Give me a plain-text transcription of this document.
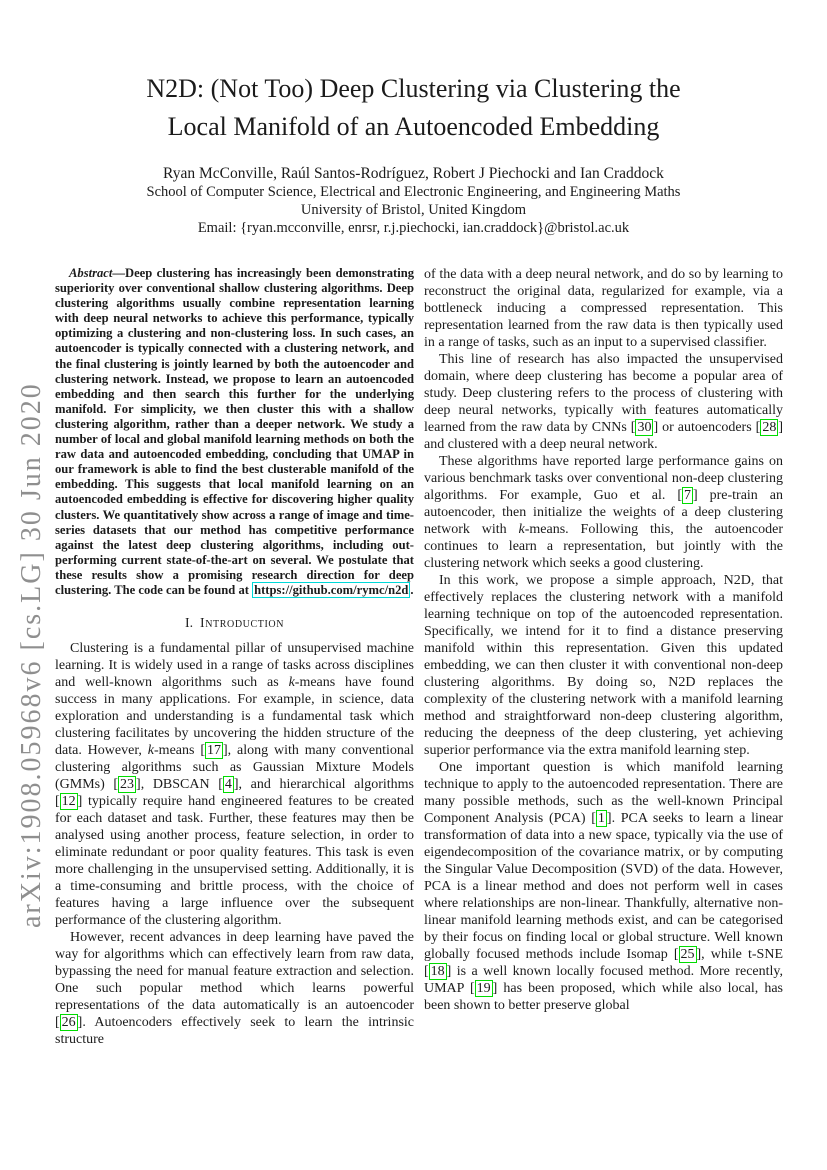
arXiv:1908.05968v6 [cs.LG] 30 Jun 2020
N2D: (Not Too) Deep Clustering via Clustering the
Local Manifold of an Autoencoded Embedding
Ryan McConville, Raúl Santos-Rodríguez, Robert J Piechocki and Ian Craddock
School of Computer Science, Electrical and Electronic Engineering, and Engineering Maths
University of Bristol, United Kingdom
Email: {ryan.mcconville, enrsr, r.j.piechocki, ian.craddock}@bristol.ac.uk

Abstract—Deep clustering has increasingly been demonstrating superiority over conventional shallow clustering algorithms. Deep clustering algorithms usually combine representation learning with deep neural networks to achieve this performance, typically optimizing a clustering and non-clustering loss. In such cases, an autoencoder is typically connected with a clustering network, and the final clustering is jointly learned by both the autoencoder and clustering network. Instead, we propose to learn an autoencoded embedding and then search this further for the underlying manifold. For simplicity, we then cluster this with a shallow clustering algorithm, rather than a deeper network. We study a number of local and global manifold learning methods on both the raw data and autoencoded embedding, concluding that UMAP in our framework is able to find the best clusterable manifold of the embedding. This suggests that local manifold learning on an autoencoded embedding is effective for discovering higher quality clusters. We quantitatively show across a range of image and time-series datasets that our method has competitive performance against the latest deep clustering algorithms, including out-performing current state-of-the-art on several. We postulate that these results show a promising research direction for deep clustering. The code can be found at https://github.com/rymc/n2d .

I. Introduction

Clustering is a fundamental pillar of unsupervised machine learning. It is widely used in a range of tasks across disciplines and well-known algorithms such as k-means have found success in many applications. For example, in science, data exploration and understanding is a fundamental task which clustering facilitates by uncovering the hidden structure of the data. However, k-means [ 17 ], along with many conventional clustering algorithms such as Gaussian Mixture Models (GMMs) [ 23 ], DBSCAN [ 4 ], and hierarchical algorithms [ 12 ] typically require hand engineered features to be created for each dataset and task. Further, these features may then be analysed using another process, feature selection, in order to eliminate redundant or poor quality features. This task is even more challenging in the unsupervised setting. Additionally, it is a time-consuming and brittle process, with the choice of features having a large influence over the subsequent performance of the clustering algorithm.

However, recent advances in deep learning have paved the way for algorithms which can effectively learn from raw data, bypassing the need for manual feature extraction and selection. One such popular method which learns powerful representations of the data automatically is an autoencoder [ 26 ]. Autoencoders effectively seek to learn the intrinsic structure

of the data with a deep neural network, and do so by learning to reconstruct the original data, regularized for example, via a bottleneck inducing a compressed representation. This representation learned from the raw data is then typically used in a range of tasks, such as an input to a supervised classifier.

This line of research has also impacted the unsupervised domain, where deep clustering has become a popular area of study. Deep clustering refers to the process of clustering with deep neural networks, typically with features automatically learned from the raw data by CNNs [ 30 ] or autoencoders [ 28 ] and clustered with a deep neural network.

These algorithms have reported large performance gains on various benchmark tasks over conventional non-deep clustering algorithms. For example, Guo et al. [ 7 ] pre-train an autoencoder, then initialize the weights of a deep clustering network with k-means. Following this, the autoencoder continues to learn a representation, but jointly with the clustering network which seeks a good clustering.

In this work, we propose a simple approach, N2D, that effectively replaces the clustering network with a manifold learning technique on top of the autoencoded representation. Specifically, we intend for it to find a distance preserving manifold within this representation. Given this updated embedding, we can then cluster it with conventional non-deep clustering algorithms. By doing so, N2D replaces the complexity of the clustering network with a manifold learning method and straightforward non-deep clustering algorithm, reducing the deepness of the deep clustering, yet achieving superior performance via the extra manifold learning step.

One important question is which manifold learning technique to apply to the autoencoded representation. There are many possible methods, such as the well-known Principal Component Analysis (PCA) [ 1 ]. PCA seeks to learn a linear transformation of data into a new space, typically via the use of eigendecomposition of the covariance matrix, or by computing the Singular Value Decomposition (SVD) of the data. However, PCA is a linear method and does not perform well in cases where relationships are non-linear. Thankfully, alternative non-linear manifold learning methods exist, and can be categorised by their focus on finding local or global structure. Well known globally focused methods include Isomap [ 25 ], while t-SNE [ 18 ] is a well known locally focused method. More recently, UMAP [ 19 ] has been proposed, which while also local, has been shown to better preserve global
